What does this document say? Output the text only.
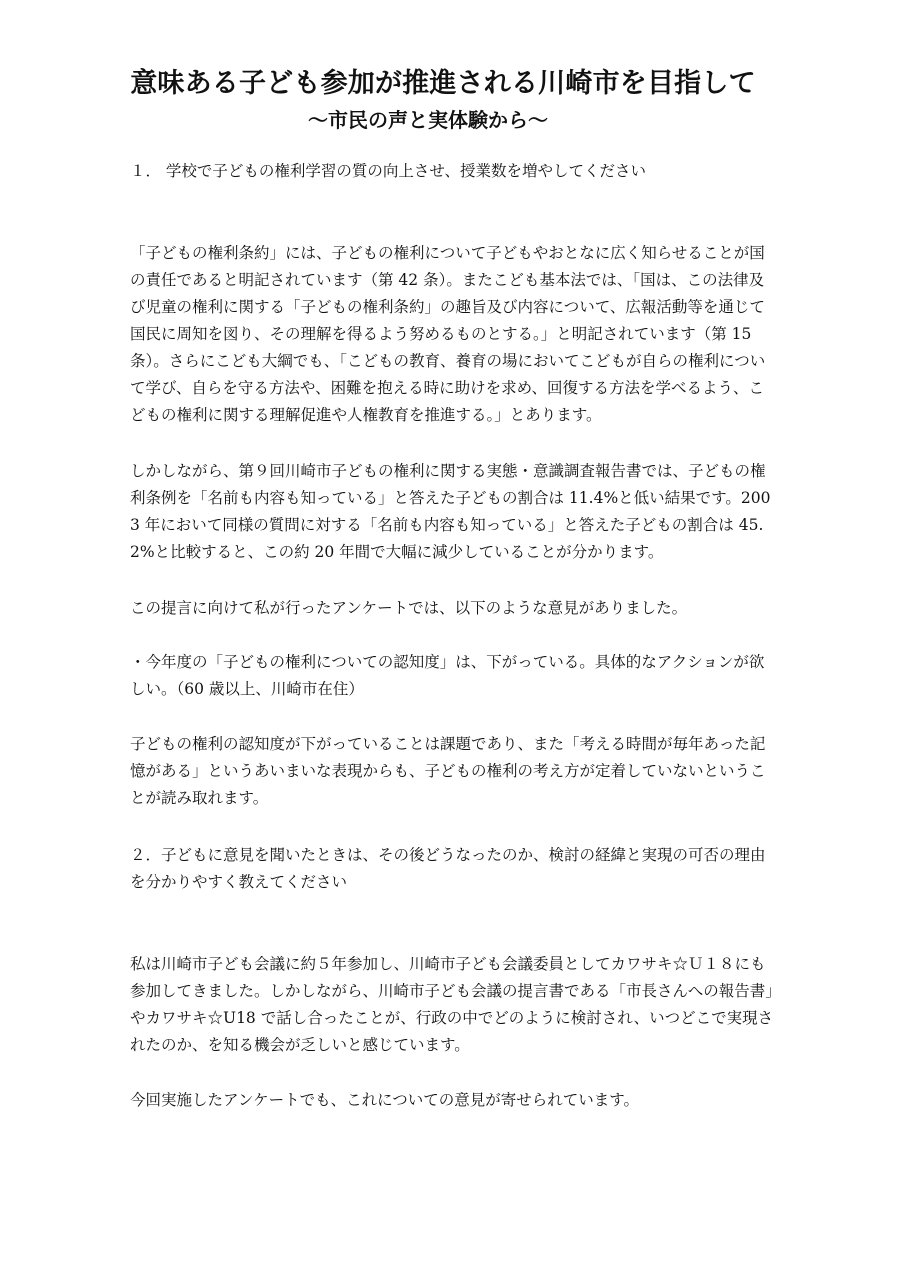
意味ある子ども参加が推進される川崎市を目指して
〜市民の声と実体験から〜

１． 学校で子どもの権利学習の質の向上させ、授業数を増やしてください

「子どもの権利条約」には、子どもの権利について子どもやおとなに広く知らせることが国の責任であると明記されています（第 42 条）。またこども基本法では、「国は、この法律及び児童の権利に関する「子どもの権利条約」の趣旨及び内容について、広報活動等を通じて国民に周知を図り、その理解を得るよう努めるものとする。」と明記されています（第 15 条）。さらにこども大綱でも、「こどもの教育、養育の場においてこどもが自らの権利について学び、自らを守る方法や、困難を抱える時に助けを求め、回復する方法を学べるよう、こどもの権利に関する理解促進や人権教育を推進する。」とあります。

しかしながら、第９回川崎市子どもの権利に関する実態・意識調査報告書では、子どもの権利条例を「名前も内容も知っている」と答えた子どもの割合は 11.4%と低い結果です。2003 年において同様の質問に対する「名前も内容も知っている」と答えた子どもの割合は 45.2%と比較すると、この約 20 年間で大幅に減少していることが分かります。

この提言に向けて私が行ったアンケートでは、以下のような意見がありました。

・今年度の「子どもの権利についての認知度」は、下がっている。具体的なアクションが欲しい。（60 歳以上、川崎市在住）

子どもの権利の認知度が下がっていることは課題であり、また「考える時間が毎年あった記憶がある」というあいまいな表現からも、子どもの権利の考え方が定着していないということが読み取れます。

２．子どもに意見を聞いたときは、その後どうなったのか、検討の経緯と実現の可否の理由を分かりやすく教えてください

私は川崎市子ども会議に約５年参加し、川崎市子ども会議委員としてカワサキ☆Ｕ１８にも参加してきました。しかしながら、川崎市子ども会議の提言書である「市長さんへの報告書」やカワサキ☆U18 で話し合ったことが、行政の中でどのように検討され、いつどこで実現されたのか、を知る機会が乏しいと感じています。

今回実施したアンケートでも、これについての意見が寄せられています。
